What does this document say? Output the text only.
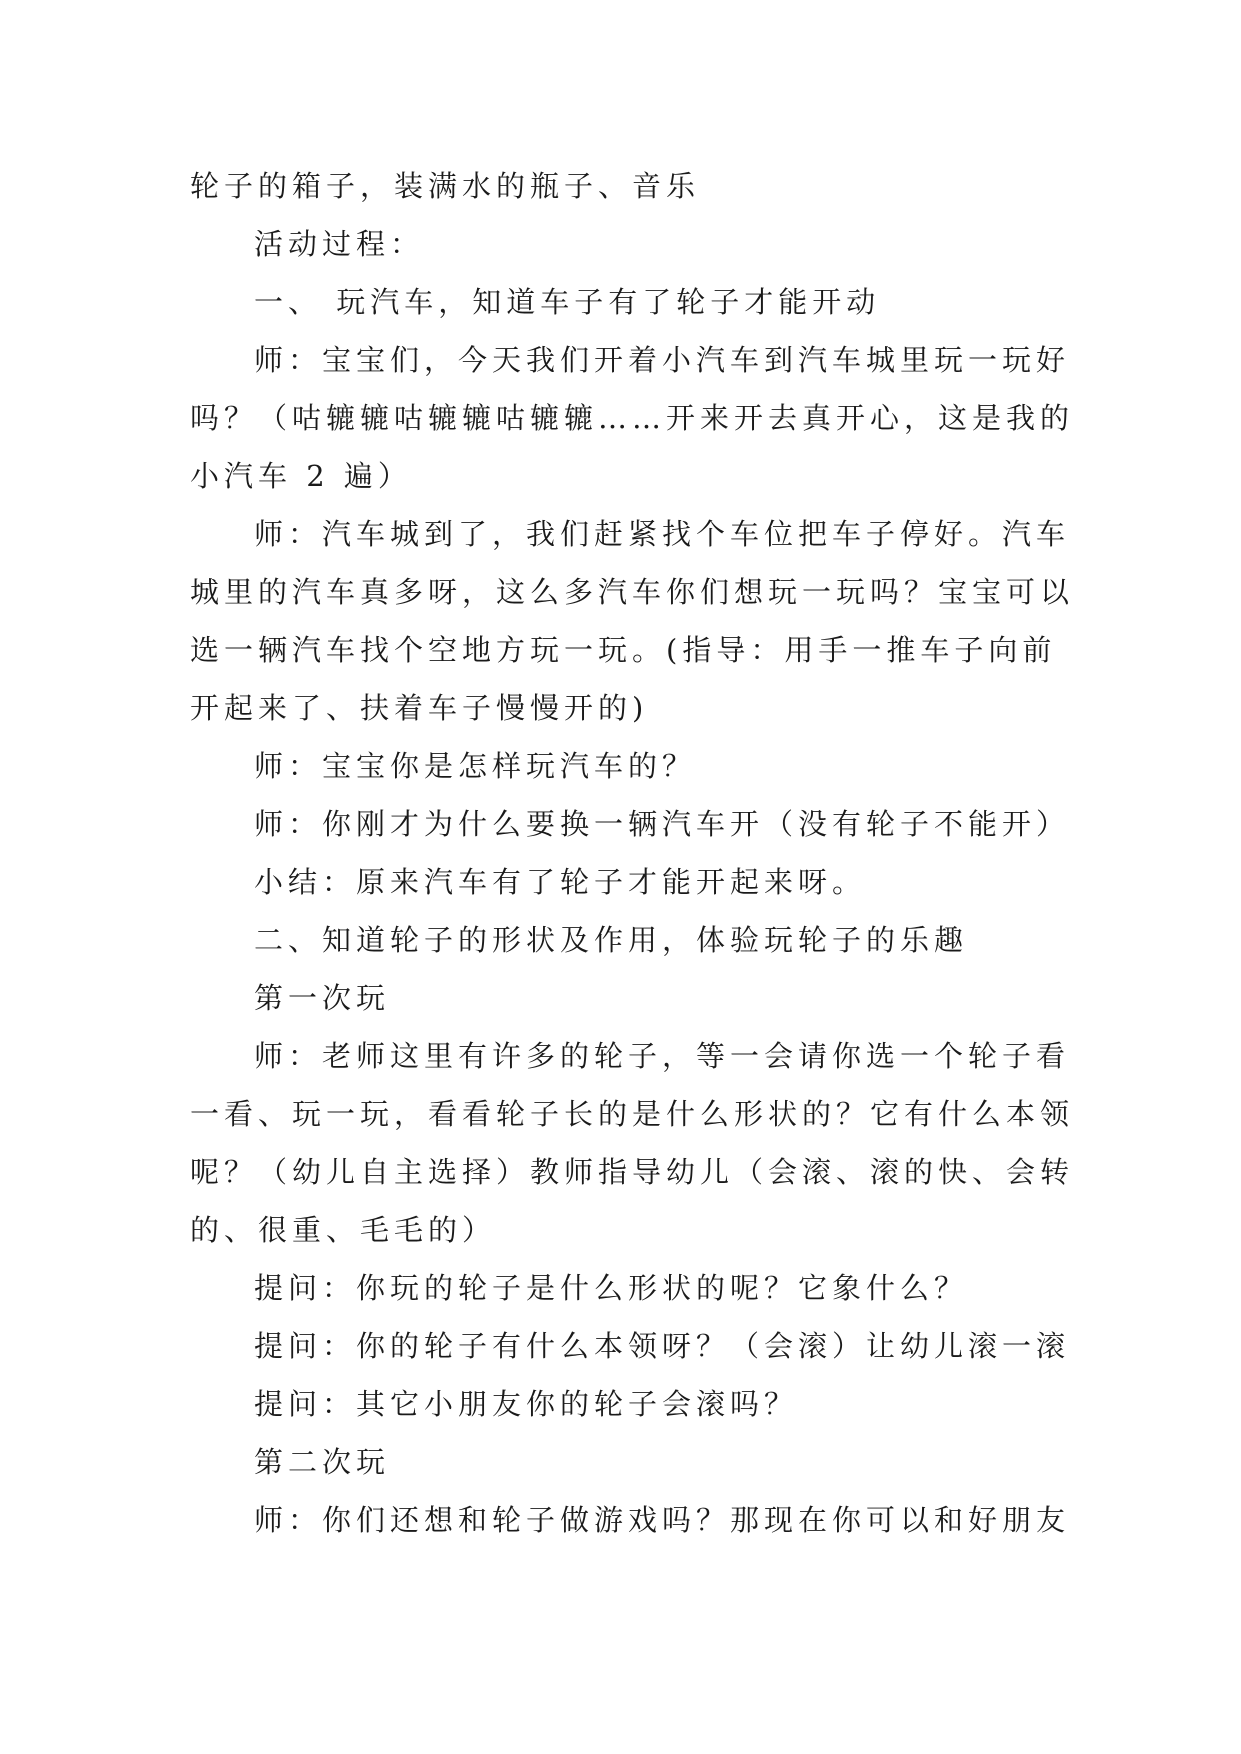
轮子的箱子，装满水的瓶子、音乐
活动过程：
一、 玩汽车，知道车子有了轮子才能开动
师：宝宝们，今天我们开着小汽车到汽车城里玩一玩好
吗？（咕辘辘咕辘辘咕辘辘……开来开去真开心，这是我的
小汽车 2 遍）
师：汽车城到了，我们赶紧找个车位把车子停好。汽车
城里的汽车真多呀，这么多汽车你们想玩一玩吗？宝宝可以
选一辆汽车找个空地方玩一玩。(指导：用手一推车子向前
开起来了、扶着车子慢慢开的)
师：宝宝你是怎样玩汽车的？
师：你刚才为什么要换一辆汽车开（没有轮子不能开）
小结：原来汽车有了轮子才能开起来呀。
二、知道轮子的形状及作用，体验玩轮子的乐趣
第一次玩
师：老师这里有许多的轮子，等一会请你选一个轮子看
一看、玩一玩，看看轮子长的是什么形状的？它有什么本领
呢？（幼儿自主选择）教师指导幼儿（会滚、滚的快、会转
的、很重、毛毛的）
提问：你玩的轮子是什么形状的呢？它象什么？
提问：你的轮子有什么本领呀？（会滚）让幼儿滚一滚
提问：其它小朋友你的轮子会滚吗？
第二次玩
师：你们还想和轮子做游戏吗？那现在你可以和好朋友
